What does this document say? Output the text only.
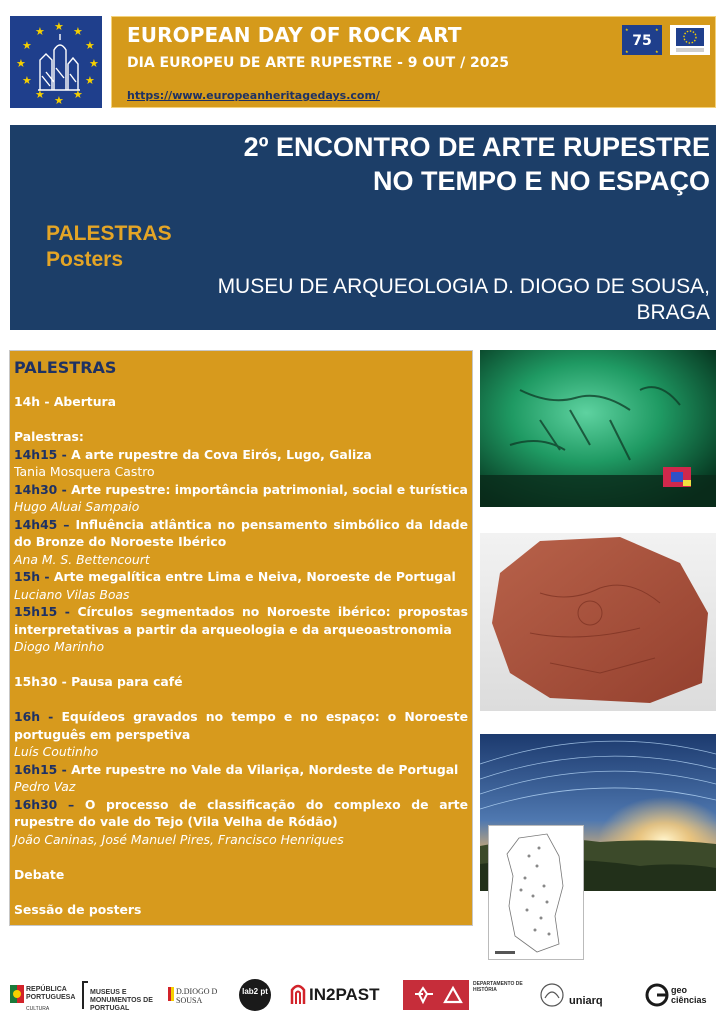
★ ★
★
★
★
★
★
★
★
★
★
★	EUROPEAN DAY OF ROCK ART
DIA EUROPEU DE ARTE RUPESTRE - 9 OUT / 2025
https://www.europeanheritagedays.com/
75
★	★
★	★
2º ENCONTRO DE ARTE RUPESTRE
NO TEMPO E NO ESPAÇO
PALESTRAS
Posters
MUSEU DE ARQUEOLOGIA D. DIOGO DE SOUSA,
BRAGA
PALESTRAS
14h - Abertura
Palestras:
14h15 - A arte rupestre da Cova Eirós, Lugo, Galiza
Tania Mosquera Castro
14h30 - Arte rupestre: importância patrimonial, social e turística
Hugo Aluai Sampaio
14h45 – Influência atlântica no pensamento simbólico da Idade do Bronze do Noroeste Ibérico
Ana M. S. Bettencourt
15h - Arte megalítica entre Lima e Neiva, Noroeste de Portugal
Luciano Vilas Boas
15h15 - Círculos segmentados no Noroeste ibérico: propostas interpretativas a partir da arqueologia e da arqueoastronomia
Diogo Marinho
15h30 - Pausa para café
16h - Equídeos gravados no tempo e no espaço: o Noroeste português em perspetiva
Luís Coutinho
16h15 - Arte rupestre no Vale da Vilariça, Nordeste de Portugal
Pedro Vaz
16h30 – O processo de classificação do complexo de arte rupestre do vale do Tejo (Vila Velha de Ródão)
João Caninas, José Manuel Pires, Francisco Henriques
Debate
Sessão de posters
REPÚBLICA PORTUGUESA
CULTURA
MUSEUS E MONUMENTOS DE PORTUGAL
D.DIOGO D SOUSA
lab2 pt IN2PAST
DEPARTAMENTO DE HISTÓRIA
uniarq
geo ciências
